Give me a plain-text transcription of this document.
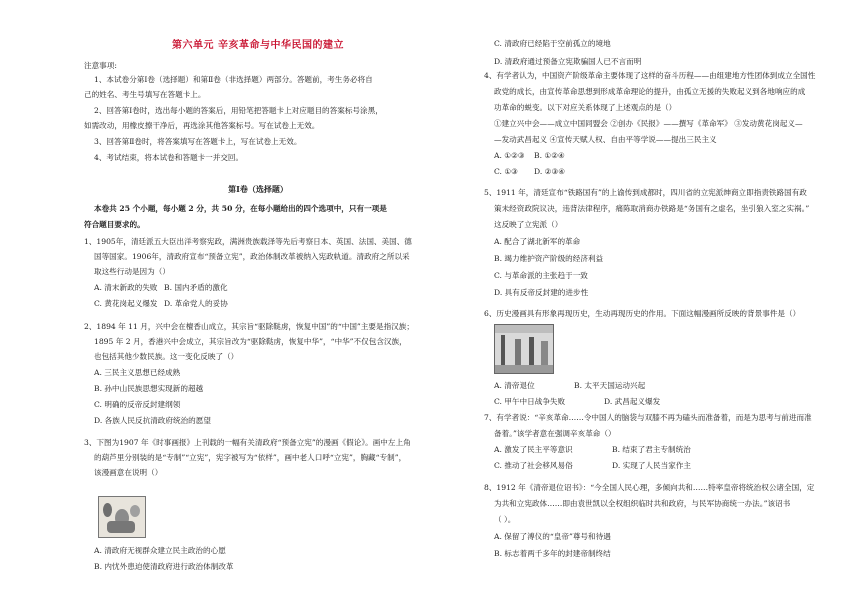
第六单元 辛亥革命与中华民国的建立

注意事项:

1、本试卷分第Ⅰ卷（选择题）和第Ⅱ卷（非选择题）两部分。答题前，考生务必将自

己的姓名、考生号填写在答题卡上。

2、回答第Ⅰ卷时，选出每小题的答案后，用铅笔把答题卡上对应题目的答案标号涂黑，

如需改动，用橡皮擦干净后，再选涂其他答案标号。写在试卷上无效。

3、回答第Ⅱ卷时，将答案填写在答题卡上，写在试卷上无效。

4、考试结束，将本试卷和答题卡一并交回。

第Ⅰ卷（选择题）

本卷共 25 个小题，每小题 2 分，共 50 分，在每小题给出的四个选项中，只有一项是

符合题目要求的。

1、1905年，清廷派五大臣出洋考察宪政，满洲贵族载泽等先后考察日本、英国、法国、美国、德

国等国家。1906年，清政府宣布“预备立宪”，政治体制改革被纳入宪政轨道。清政府之所以采

取这些行动是因为（）

A. 清末新政的失败 B. 国内矛盾的激化
C. 黄花岗起义爆发 D. 革命党人的妥协

2、1894 年 11 月，兴中会在檀香山成立，其宗旨“驱除鞑虏，恢复中国”的“中国”主要是指汉族；

1895 年 2 月，香港兴中会成立，其宗旨改为“驱除鞑虏，恢复中华”，“中华”不仅包含汉族，

也包括其他少数民族。这一变化反映了（）

A. 三民主义思想已经成熟

B. 孙中山民族思想实现新的超越

C. 明确的反帝反封建纲领

D. 各族人民反抗清政府统治的愿望

3、下图为1907 年《时事画报》上刊载的一幅有关清政府“预备立宪”的漫画《假论》。画中左上角

的葫芦里分别装的是“专制”“立宪”，宪字被写为“依样”，画中老人口呼“立宪”，胸藏“专制”，

该漫画意在说明（）

A. 清政府无视群众建立民主政治的心愿

B. 内忧外患迫使清政府进行政治体制改革

C. 清政府已经陷于空前孤立的境地

D. 清政府通过预备立宪欺骗国人已不言而明

4、有学者认为，中国资产阶级革命主要体现了这样的奋斗历程——由组建地方性团体到成立全国性

政党的成长，由宣传革命思想到形成革命理论的提升，由孤立无援的失败起义到各地响应的成

功革命的蜕变。以下对应关系体现了上述观点的是（）

①建立兴中会——成立中国同盟会 ②创办《民报》——撰写《革命军》 ③发动黄花岗起义—

—发动武昌起义 ④宣传天赋人权、自由平等学说——提出三民主义

A. ①②③	B. ①②④
C. ①③	D. ②③④

5、1911 年，清廷宣布“铁路国有”的上谕传到成都时，四川省的立宪派绅商立即指责铁路国有政

策未经资政院议决，违背法律程序，痛陈取消商办铁路是“务国有之虚名，坐引狼入室之实祸。”

这反映了立宪派（）

A. 配合了湖北新军的革命

B. 竭力维护资产阶级的经济利益

C. 与革命派的主张趋于一致

D. 具有反帝反封建的进步性

6、历史漫画具有形象再现历史，生动再现历史的作用。下面这幅漫画所反映的背景事件是（）

A. 清帝退位	B. 太平天国运动兴起
C. 甲午中日战争失败	D. 武昌起义爆发

7、有学者说：“辛亥革命……令中国人的脑袋与双膝不再为磕头而准备着，而是为思考与前进而准

备着。”该学者意在强调辛亥革命（）

A. 激发了民主平等意识	B. 结束了君主专制统治
C. 推动了社会移风易俗	D. 实现了人民当家作主

8、1912 年《清帝退位诏书》：“今全国人民心理，多倾向共和……特率皇帝将统治权公诸全国，定

为共和立宪政体……即由袁世凯以全权组织临时共和政府，与民军协商统一办法。”该诏书

（ ）。

A. 保留了溥仪的“皇帝”尊号和待遇

B. 标志着两千多年的封建帝制终结
